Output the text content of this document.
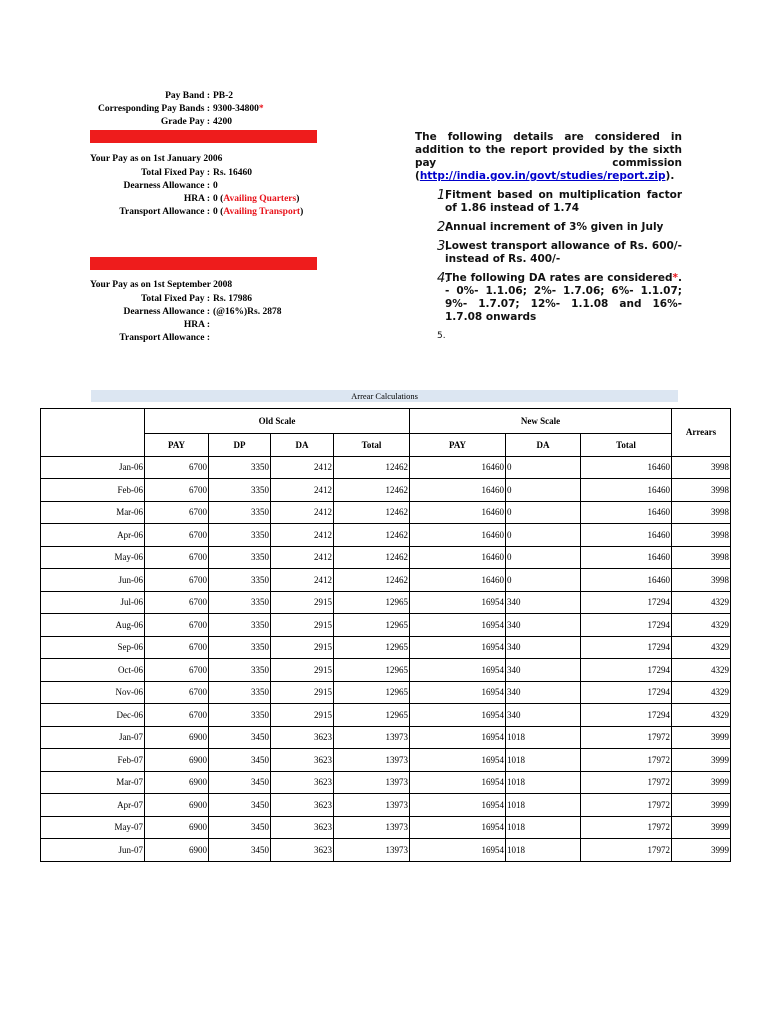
Pay Band : PB-2
Corresponding Pay Bands : 9300-34800*
Grade Pay : 4200
Your Pay as on 1st January 2006
Total Fixed Pay : Rs. 16460
Dearness Allowance : 0
HRA : 0 (Availing Quarters)
Transport Allowance : 0 (Availing Transport)
Your Pay as on 1st September 2008
Total Fixed Pay : Rs. 17986
Dearness Allowance : (@16%)Rs. 2878
HRA :
Transport Allowance :
The following details are considered in
addition to the report provided by the sixth
pay commission
(http://india.gov.in/govt/studies/report.zip).
1.
Fitment based on multiplication factor of 1.86 instead of 1.74
2.
Annual increment of 3% given in July
3.
Lowest transport allowance of Rs. 600/- instead of Rs. 400/-
4.
The following DA rates are considered*. - 0%- 1.1.06; 2%- 1.7.06; 6%- 1.1.07; 9%- 1.7.07; 12%- 1.1.08 and 16%- 1.7.08 onwards
5.
Arrear Calculations
	Old Scale				New Scale			Arrears
	PAY	DP	DA	Total	PAY	DA	Total	
Jan-06	6700	3350	2412	12462	16460	0	16460	3998
Feb-06	6700	3350	2412	12462	16460	0	16460	3998
Mar-06	6700	3350	2412	12462	16460	0	16460	3998
Apr-06	6700	3350	2412	12462	16460	0	16460	3998
May-06	6700	3350	2412	12462	16460	0	16460	3998
Jun-06	6700	3350	2412	12462	16460	0	16460	3998
Jul-06	6700	3350	2915	12965	16954	340	17294	4329
Aug-06	6700	3350	2915	12965	16954	340	17294	4329
Sep-06	6700	3350	2915	12965	16954	340	17294	4329
Oct-06	6700	3350	2915	12965	16954	340	17294	4329
Nov-06	6700	3350	2915	12965	16954	340	17294	4329
Dec-06	6700	3350	2915	12965	16954	340	17294	4329
Jan-07	6900	3450	3623	13973	16954	1018	17972	3999
Feb-07	6900	3450	3623	13973	16954	1018	17972	3999
Mar-07	6900	3450	3623	13973	16954	1018	17972	3999
Apr-07	6900	3450	3623	13973	16954	1018	17972	3999
May-07	6900	3450	3623	13973	16954	1018	17972	3999
Jun-07	6900	3450	3623	13973	16954	1018	17972	3999
